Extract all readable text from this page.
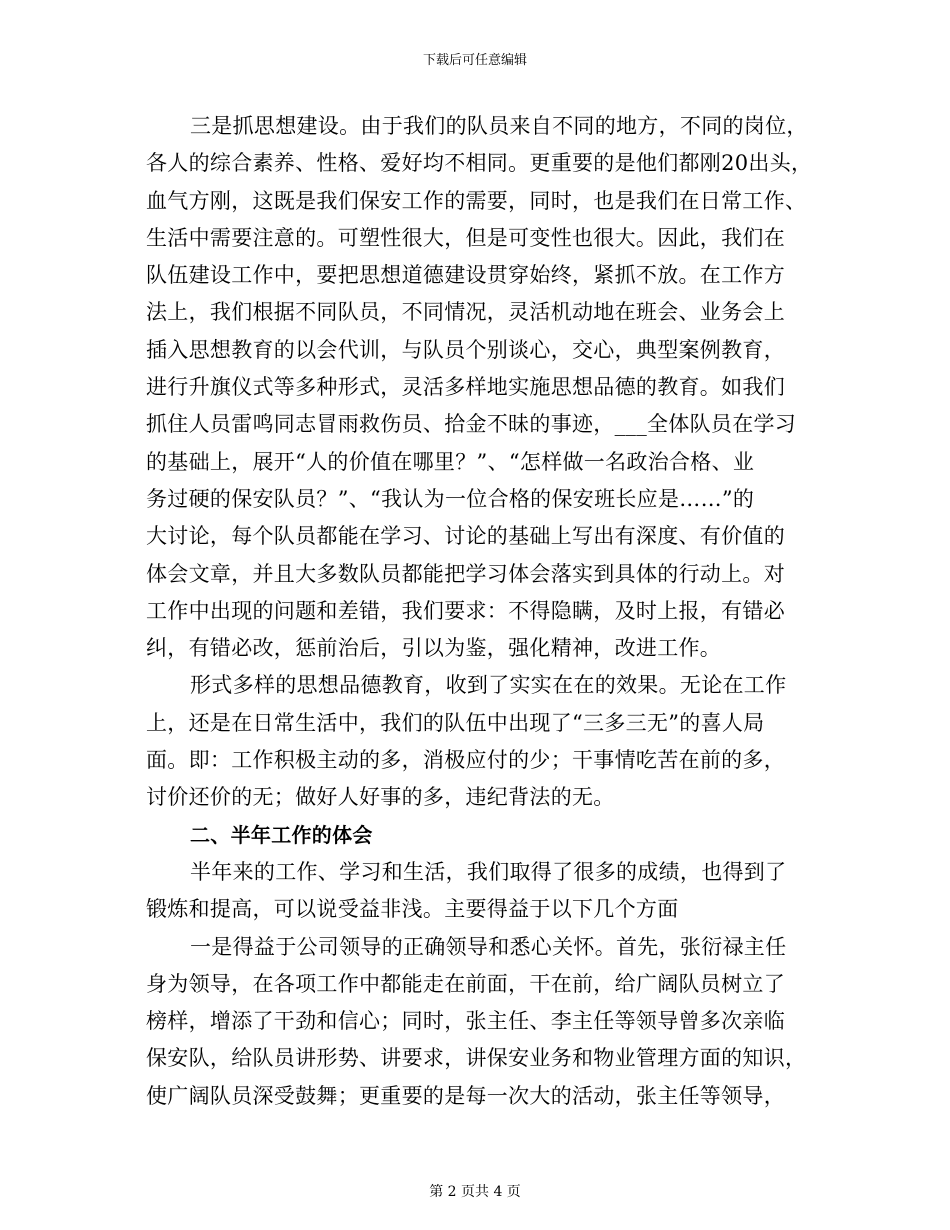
下载后可任意编辑
三是抓思想建设。由于我们的队员来自不同的地方，不同的岗位，
各人的综合素养、性格、爱好均不相同。更重要的是他们都刚20出头，
血气方刚，这既是我们保安工作的需要，同时，也是我们在日常工作、
生活中需要注意的。可塑性很大，但是可变性也很大。因此，我们在
队伍建设工作中，要把思想道德建设贯穿始终，紧抓不放。在工作方
法上，我们根据不同队员，不同情况，灵活机动地在班会、业务会上
插入思想教育的以会代训，与队员个别谈心，交心，典型案例教育，
进行升旗仪式等多种形式，灵活多样地实施思想品德的教育。如我们
抓住人员雷鸣同志冒雨救伤员、拾金不昧的事迹，___全体队员在学习
的基础上，展开“人的价值在哪里？”、“怎样做一名政治合格、业
务过硬的保安队员？”、“我认为一位合格的保安班长应是……”的
大讨论，每个队员都能在学习、讨论的基础上写出有深度、有价值的
体会文章，并且大多数队员都能把学习体会落实到具体的行动上。对
工作中出现的问题和差错，我们要求：不得隐瞒，及时上报，有错必
纠，有错必改，惩前治后，引以为鉴，强化精神，改进工作。
形式多样的思想品德教育，收到了实实在在的效果。无论在工作
上，还是在日常生活中，我们的队伍中出现了“三多三无”的喜人局
面。即：工作积极主动的多，消极应付的少；干事情吃苦在前的多，
讨价还价的无；做好人好事的多，违纪背法的无。
二、半年工作的体会
半年来的工作、学习和生活，我们取得了很多的成绩，也得到了
锻炼和提高，可以说受益非浅。主要得益于以下几个方面
一是得益于公司领导的正确领导和悉心关怀。首先，张衍禄主任
身为领导，在各项工作中都能走在前面，干在前，给广阔队员树立了
榜样，增添了干劲和信心；同时，张主任、李主任等领导曾多次亲临
保安队，给队员讲形势、讲要求，讲保安业务和物业管理方面的知识，
使广阔队员深受鼓舞；更重要的是每一次大的活动，张主任等领导，
第 2 页共 4 页
